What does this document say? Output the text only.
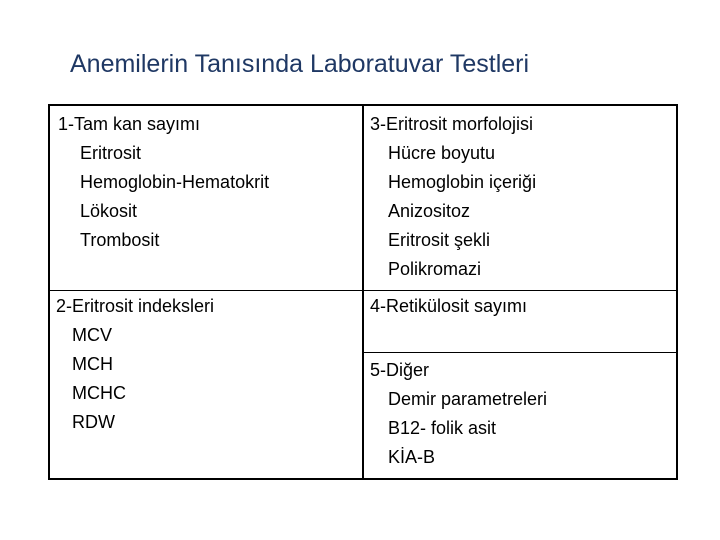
Anemilerin Tanısında Laboratuvar Testleri
1-Tam kan sayımı
Eritrosit
Hemoglobin-Hematokrit
Lökosit
Trombosit
3-Eritrosit morfolojisi
Hücre boyutu
Hemoglobin içeriği
Anizositoz
Eritrosit şekli
Polikromazi
2-Eritrosit indeksleri
MCV
MCH
MCHC
RDW
4-Retikülosit sayımı
5-Diğer
Demir parametreleri
B12- folik asit
KİA-B
